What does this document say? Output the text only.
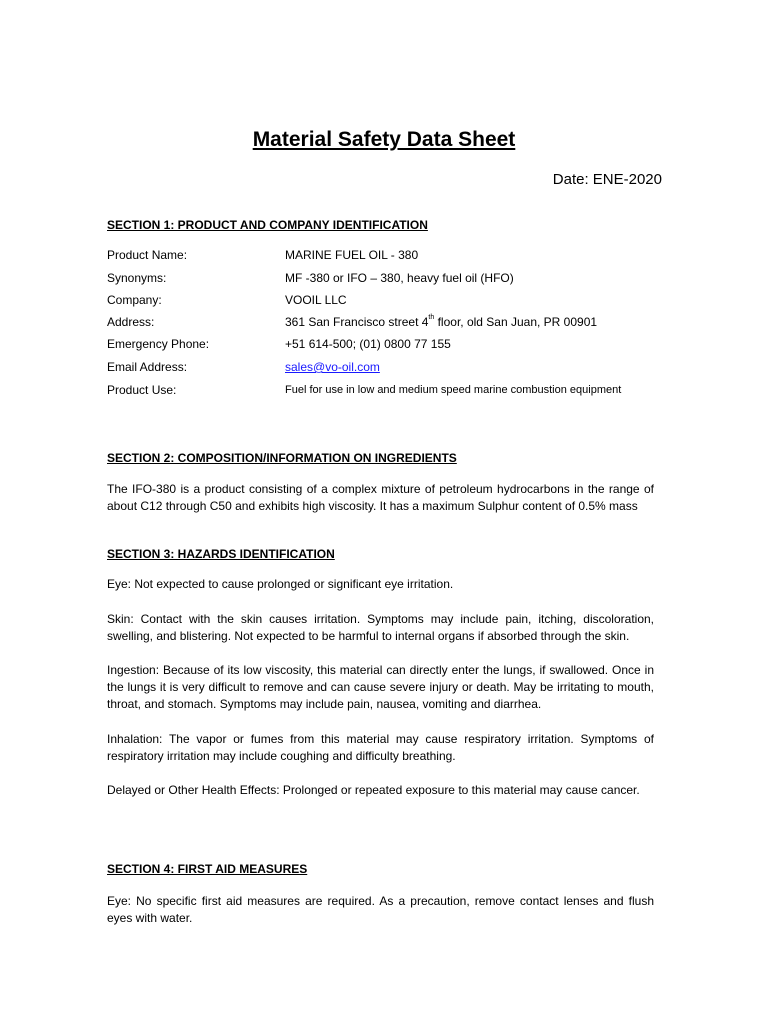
Material Safety Data Sheet
Date: ENE-2020
SECTION 1: PRODUCT AND COMPANY IDENTIFICATION
Product Name:	MARINE FUEL OIL - 380
Synonyms:	MF -380 or IFO – 380, heavy fuel oil (HFO)
Company:	VOOIL LLC
Address:	361 San Francisco street 4th floor, old San Juan, PR 00901
Emergency Phone:	+51 614-500; (01) 0800 77 155
Email Address:	sales@vo-oil.com
Product Use:	Fuel for use in low and medium speed marine combustion equipment
SECTION 2: COMPOSITION/INFORMATION ON INGREDIENTS

The IFO-380 is a product consisting of a complex mixture of petroleum hydrocarbons in the range of about C12 through C50 and exhibits high viscosity. It has a maximum Sulphur content of 0.5% mass

SECTION 3: HAZARDS IDENTIFICATION

Eye: Not expected to cause prolonged or significant eye irritation.

Skin: Contact with the skin causes irritation. Symptoms may include pain, itching, discoloration, swelling, and blistering. Not expected to be harmful to internal organs if absorbed through the skin.

Ingestion: Because of its low viscosity, this material can directly enter the lungs, if swallowed. Once in the lungs it is very difficult to remove and can cause severe injury or death. May be irritating to mouth, throat, and stomach. Symptoms may include pain, nausea, vomiting and diarrhea.

Inhalation: The vapor or fumes from this material may cause respiratory irritation. Symptoms of respiratory irritation may include coughing and difficulty breathing.

Delayed or Other Health Effects: Prolonged or repeated exposure to this material may cause cancer.

SECTION 4: FIRST AID MEASURES

Eye: No specific first aid measures are required. As a precaution, remove contact lenses and flush eyes with water.
